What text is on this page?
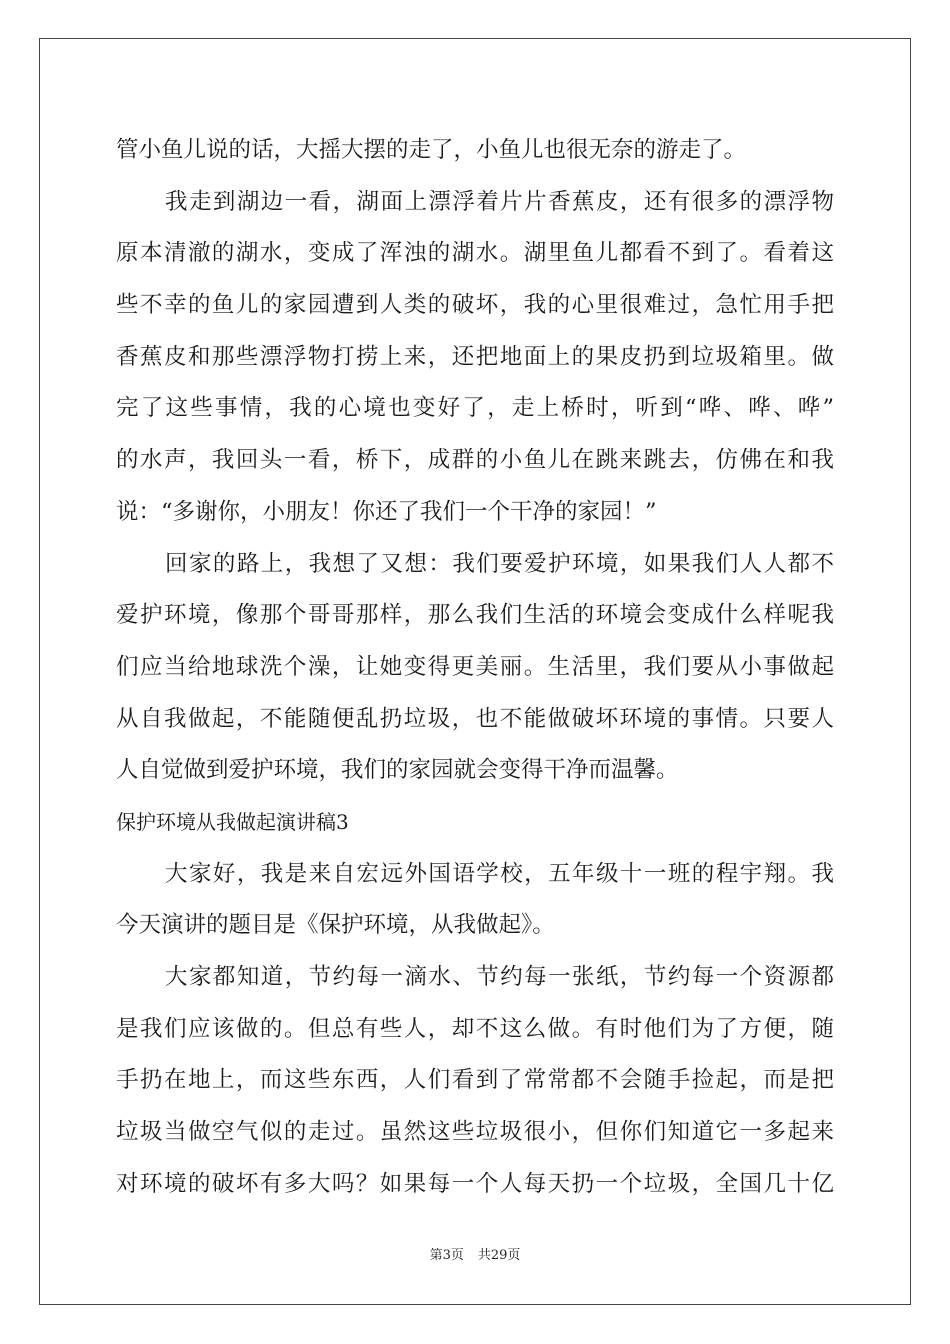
管小鱼儿说的话，大摇大摆的走了，小鱼儿也很无奈的游走了。
我走到湖边一看，湖面上漂浮着片片香蕉皮，还有很多的漂浮物
原本清澈的湖水，变成了浑浊的湖水。湖里鱼儿都看不到了。看着这
些不幸的鱼儿的家园遭到人类的破坏，我的心里很难过，急忙用手把
香蕉皮和那些漂浮物打捞上来，还把地面上的果皮扔到垃圾箱里。做
完了这些事情，我的心境也变好了，走上桥时，听到“哗、哗、哗”
的水声，我回头一看，桥下，成群的小鱼儿在跳来跳去，仿佛在和我
说：“多谢你，小朋友！你还了我们一个干净的家园！”
回家的路上，我想了又想：我们要爱护环境，如果我们人人都不
爱护环境，像那个哥哥那样，那么我们生活的环境会变成什么样呢我
们应当给地球洗个澡，让她变得更美丽。生活里，我们要从小事做起
从自我做起，不能随便乱扔垃圾，也不能做破坏环境的事情。只要人
人自觉做到爱护环境，我们的家园就会变得干净而温馨。
保护环境从我做起演讲稿3
大家好，我是来自宏远外国语学校，五年级十一班的程宇翔。我
今天演讲的题目是《保护环境，从我做起》。
大家都知道，节约每一滴水、节约每一张纸，节约每一个资源都
是我们应该做的。但总有些人，却不这么做。有时他们为了方便，随
手扔在地上，而这些东西，人们看到了常常都不会随手捡起，而是把
垃圾当做空气似的走过。虽然这些垃圾很小，但你们知道它一多起来
对环境的破坏有多大吗？如果每一个人每天扔一个垃圾，全国几十亿
第3页 共29页
